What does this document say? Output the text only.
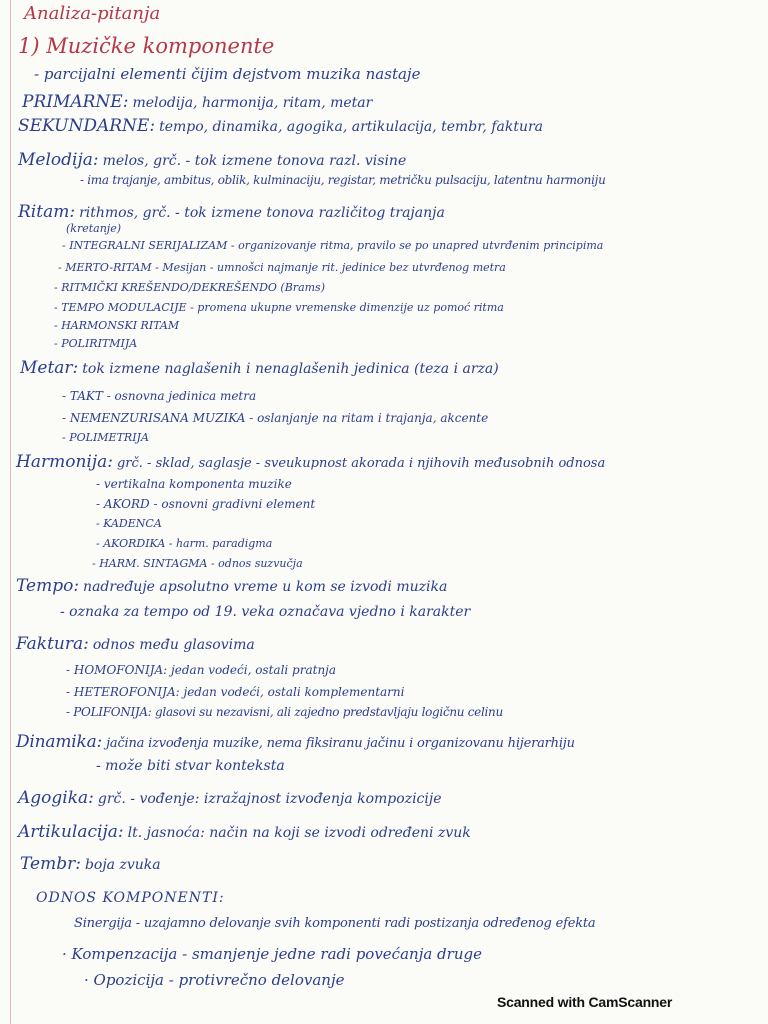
Analiza-pitanja
1) Muzičke komponente
- parcijalni elementi čijim dejstvom muzika nastaje
PRIMARNE: melodija, harmonija, ritam, metar
SEKUNDARNE: tempo, dinamika, agogika, artikulacija, tembr, faktura
Melodija: melos, grč. - tok izmene tonova razl. visine
- ima trajanje, ambitus, oblik, kulminaciju, registar, metričku pulsaciju, latentnu harmoniju
Ritam: rithmos, grč. - tok izmene tonova različitog trajanja
(kretanje)
- INTEGRALNI SERIJALIZAM - organizovanje ritma, pravilo se po unapred utvrđenim principima
- MERTO-RITAM - Mesijan - umnošci najmanje rit. jedinice bez utvrđenog metra
- RITMIČKI KREŠENDO/DEKREŠENDO (Brams)
- TEMPO MODULACIJE - promena ukupne vremenske dimenzije uz pomoć ritma
- HARMONSKI RITAM
- POLIRITMIJA
Metar: tok izmene naglašenih i nenaglašenih jedinica (teza i arza)
- TAKT - osnovna jedinica metra
- NEMENZURISANA MUZIKA - oslanjanje na ritam i trajanja, akcente
- POLIMETRIJA
Harmonija: grč. - sklad, saglasje - sveukupnost akorada i njihovih međusobnih odnosa
- vertikalna komponenta muzike
- AKORD - osnovni gradivni element
- KADENCA
- AKORDIKA - harm. paradigma
- HARM. SINTAGMA - odnos suzvučja
Tempo: nadređuje apsolutno vreme u kom se izvodi muzika
- oznaka za tempo od 19. veka označava vjedno i karakter
Faktura: odnos među glasovima
- HOMOFONIJA: jedan vodeći, ostali pratnja
- HETEROFONIJA: jedan vodeći, ostali komplementarni
- POLIFONIJA: glasovi su nezavisni, ali zajedno predstavljaju logičnu celinu
Dinamika: jačina izvođenja muzike, nema fiksiranu jačinu i organizovanu hijerarhiju
- može biti stvar konteksta
Agogika: grč. - vođenje: izražajnost izvođenja kompozicije
Artikulacija: lt. jasnoća: način na koji se izvodi određeni zvuk
Tembr: boja zvuka
ODNOS KOMPONENTI:
Sinergija - uzajamno delovanje svih komponenti radi postizanja određenog efekta
· Kompenzacija - smanjenje jedne radi povećanja druge
· Opozicija - protivrečno delovanje
Scanned with CamScanner
